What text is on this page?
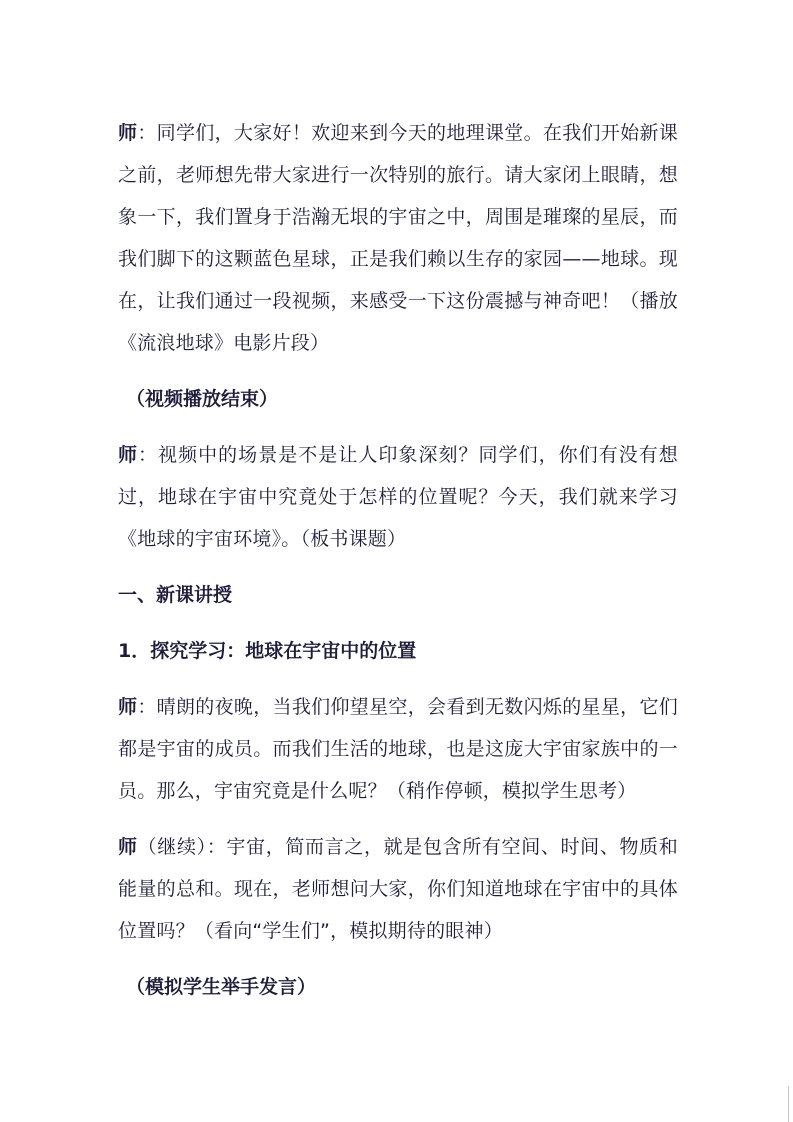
师：同学们，大家好！欢迎来到今天的地理课堂。在我们开始新课之前，老师想先带大家进行一次特别的旅行。请大家闭上眼睛，想象一下，我们置身于浩瀚无垠的宇宙之中，周围是璀璨的星辰，而我们脚下的这颗蓝色星球，正是我们赖以生存的家园——地球。现在，让我们通过一段视频，来感受一下这份震撼与神奇吧！（播放《流浪地球》电影片段）

（视频播放结束）

师：视频中的场景是不是让人印象深刻？同学们，你们有没有想过，地球在宇宙中究竟处于怎样的位置呢？今天，我们就来学习《地球的宇宙环境》。（板书课题）

一、新课讲授

1．探究学习：地球在宇宙中的位置

师：晴朗的夜晚，当我们仰望星空，会看到无数闪烁的星星，它们都是宇宙的成员。而我们生活的地球，也是这庞大宇宙家族中的一员。那么，宇宙究竟是什么呢？（稍作停顿，模拟学生思考）

师（继续）：宇宙，简而言之，就是包含所有空间、时间、物质和能量的总和。现在，老师想问大家，你们知道地球在宇宙中的具体位置吗？（看向“学生们”，模拟期待的眼神）

（模拟学生举手发言）
